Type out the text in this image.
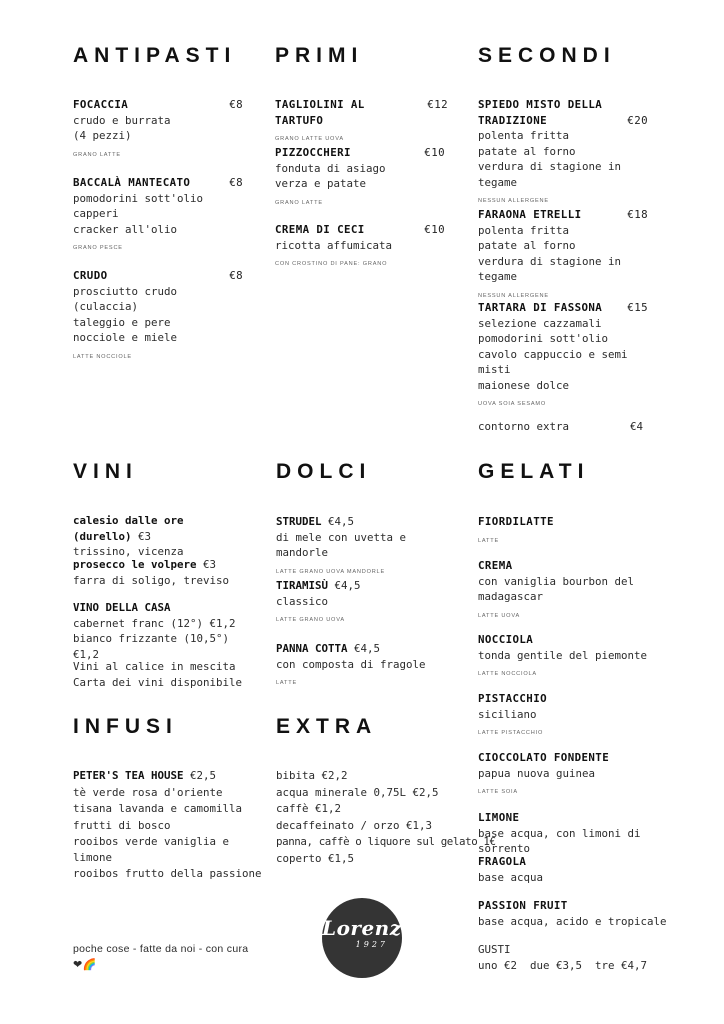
ANTIPASTI PRIMI	SECONDI
VINI	DOLCI	GELATI
INFUSI	EXTRA
FOCACCIA	€8
crudo e burrata
(4 pezzi)
GRANO LATTE
BACCALÀ MANTECATO	€8
pomodorini sott'olio
capperi
cracker all'olio
GRANO PESCE
CRUDO	€8
prosciutto crudo (culaccia)
taleggio e pere
nocciole e miele
LATTE NOCCIOLE
TAGLIOLINI AL TARTUFO
€12
GRANO LATTE UOVA
PIZZOCCHERI	€10
fonduta di asiago
verza e patate
GRANO LATTE
CREMA DI CECI	€10
ricotta affumicata
CON CROSTINO DI PANE: GRANO
SPIEDO MISTO DELLA TRADIZIONE	€20
polenta fritta
patate al forno
verdura di stagione in tegame
NESSUN ALLERGENE
FARAONA ETRELLI	€18
polenta fritta
patate al forno
verdura di stagione in tegame
NESSUN ALLERGENE
TARTARA DI FASSONA	€15
selezione cazzamali
pomodorini sott'olio
cavolo cappuccio e semi misti
maionese dolce
UOVA SOIA SESAMO
contorno extra	€4
calesio dalle ore (durello) €3
trissino, vicenza
prosecco le volpere €3
farra di soligo, treviso
VINO DELLA CASA
cabernet franc (12°) €1,2
bianco frizzante (10,5°) €1,2
Vini al calice in mescita
Carta dei vini disponibile
STRUDEL €4,5
di mele con uvetta e mandorle
LATTE GRANO UOVA MANDORLE
TIRAMISÙ €4,5
classico
LATTE GRANO UOVA
PANNA COTTA €4,5
con composta di fragole
LATTE
FIORDILATTE
LATTE
CREMA
con vaniglia bourbon del
madagascar
LATTE UOVA
NOCCIOLA
tonda gentile del piemonte
LATTE NOCCIOLA
PISTACCHIO
siciliano
LATTE PISTACCHIO
CIOCCOLATO FONDENTE
papua nuova guinea
LATTE SOIA
LIMONE
base acqua, con limoni di sorrento
FRAGOLA
base acqua
PASSION FRUIT
base acqua, acido e tropicale
GUSTI
uno €2  due €3,5  tre €4,7
PETER'S TEA HOUSE €2,5
tè verde rosa d'oriente
tisana lavanda e camomilla
frutti di bosco
rooibos verde vaniglia e limone
rooibos frutto della passione
bibita €2,2
acqua minerale 0,75L €2,5
caffè €1,2
decaffeinato / orzo €1,3
panna, caffè o liquore sul gelato 1€
coperto €1,5
poche cose - fatte da noi - con cura
❤🌈
Lorenzi
1927
